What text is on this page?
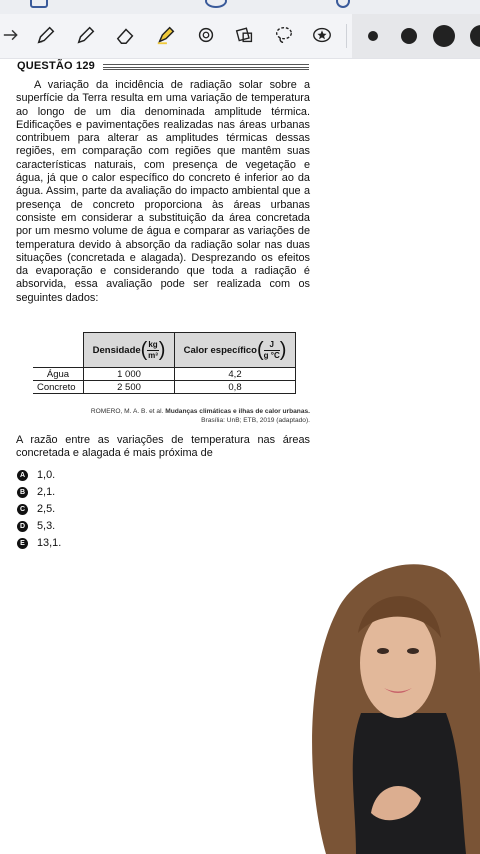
QUESTÃO 129

A variação da incidência de radiação solar sobre a superfície da Terra resulta em uma variação de temperatura ao longo de um dia denominada amplitude térmica. Edificações e pavimentações realizadas nas áreas urbanas contribuem para alterar as amplitudes térmicas dessas regiões, em comparação com regiões que mantêm suas características naturais, com presença de vegetação e água, já que o calor específico do concreto é inferior ao da água. Assim, parte da avaliação do impacto ambiental que a presença de concreto proporciona às áreas urbanas consiste em considerar a substituição da área concretada por um mesmo volume de água e comparar as variações de temperatura devido à absorção da radiação solar nas duas situações (concretada e alagada). Desprezando os efeitos da evaporação e considerando que toda a radiação é absorvida, essa avaliação pode ser realizada com os seguintes dados:

	Densidade( $\frac{kg}{\text{m³}}$ )	Calor específico( $\frac{J}{g ^\circ C}$ )
Água	1 000	4,2
Concreto	2 500	0,8
ROMERO, M. A. B. et al. Mudanças climáticas e ilhas de calor urbanas.
Brasília: UnB; ETB, 2019 (adaptado).
A razão entre as variações de temperatura nas áreas concretada e alagada é mais próxima de
A 1,0.
B 2,1.
C 2,5.
D 5,3.
E 13,1.
